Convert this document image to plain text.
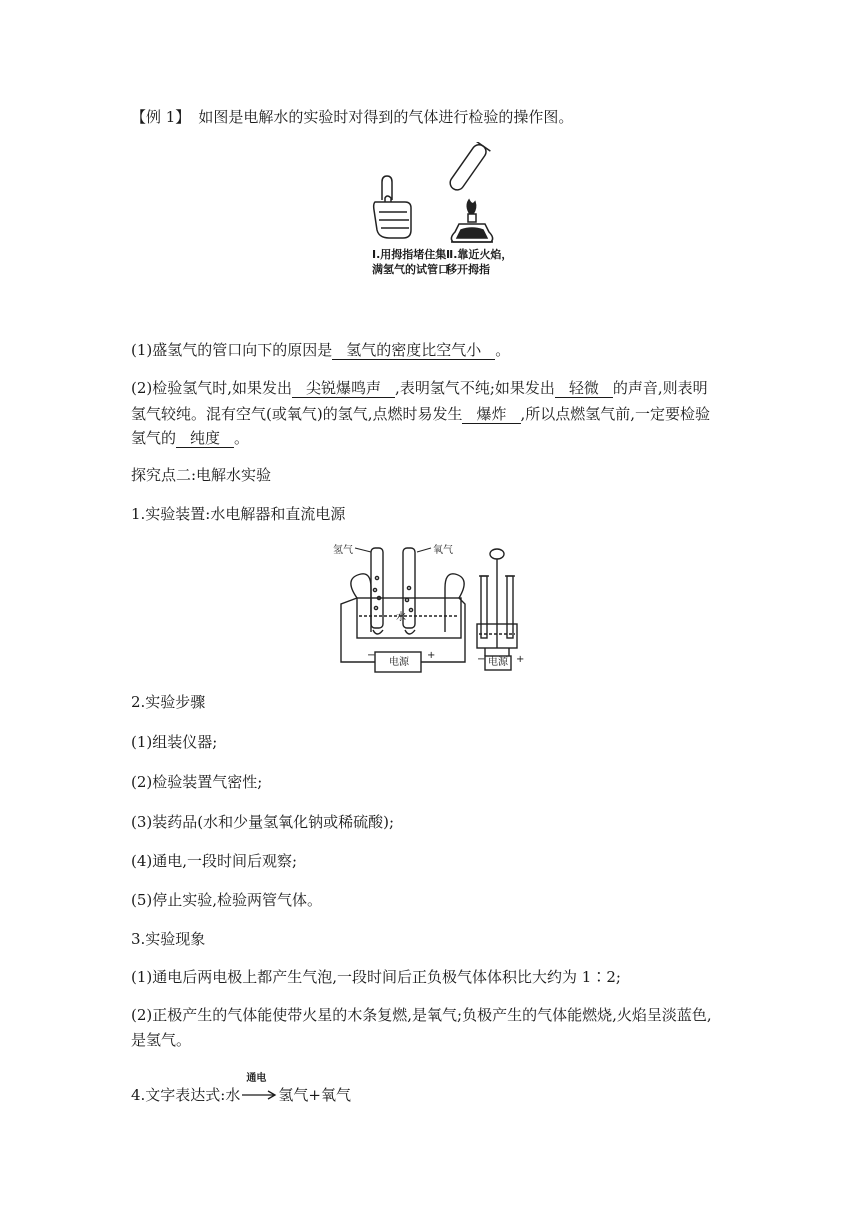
【例 1】 如图是电解水的实验时对得到的气体进行检验的操作图。
Ⅰ.用拇指堵住集
满氢气的试管口
Ⅱ.靠近火焰，
移开拇指
(1)盛氢气的管口向下的原因是 氢气的密度比空气小 。
(2)检验氢气时,如果发出 尖锐爆鸣声 ,表明氢气不纯;如果发出 轻微 的声音,则表明
氢气较纯。混有空气(或氧气)的氢气,点燃时易发生 爆炸 ,所以点燃氢气前,一定要检验
氢气的 纯度 。
探究点二:电解水实验
1.实验装置:水电解器和直流电源
氢气	氧气
水
电源
−	+
电源
−	+
2.实验步骤
(1)组装仪器;
(2)检验装置气密性;
(3)装药品(水和少量氢氧化钠或稀硫酸);
(4)通电,一段时间后观察;
(5)停止实验,检验两管气体。
3.实验现象
(1)通电后两电极上都产生气泡,一段时间后正负极气体体积比大约为 1∶2;
(2)正极产生的气体能使带火星的木条复燃,是氧气;负极产生的气体能燃烧,火焰呈淡蓝色,
是氢气。
4.文字表达式:水
通电
氢气+氧气
